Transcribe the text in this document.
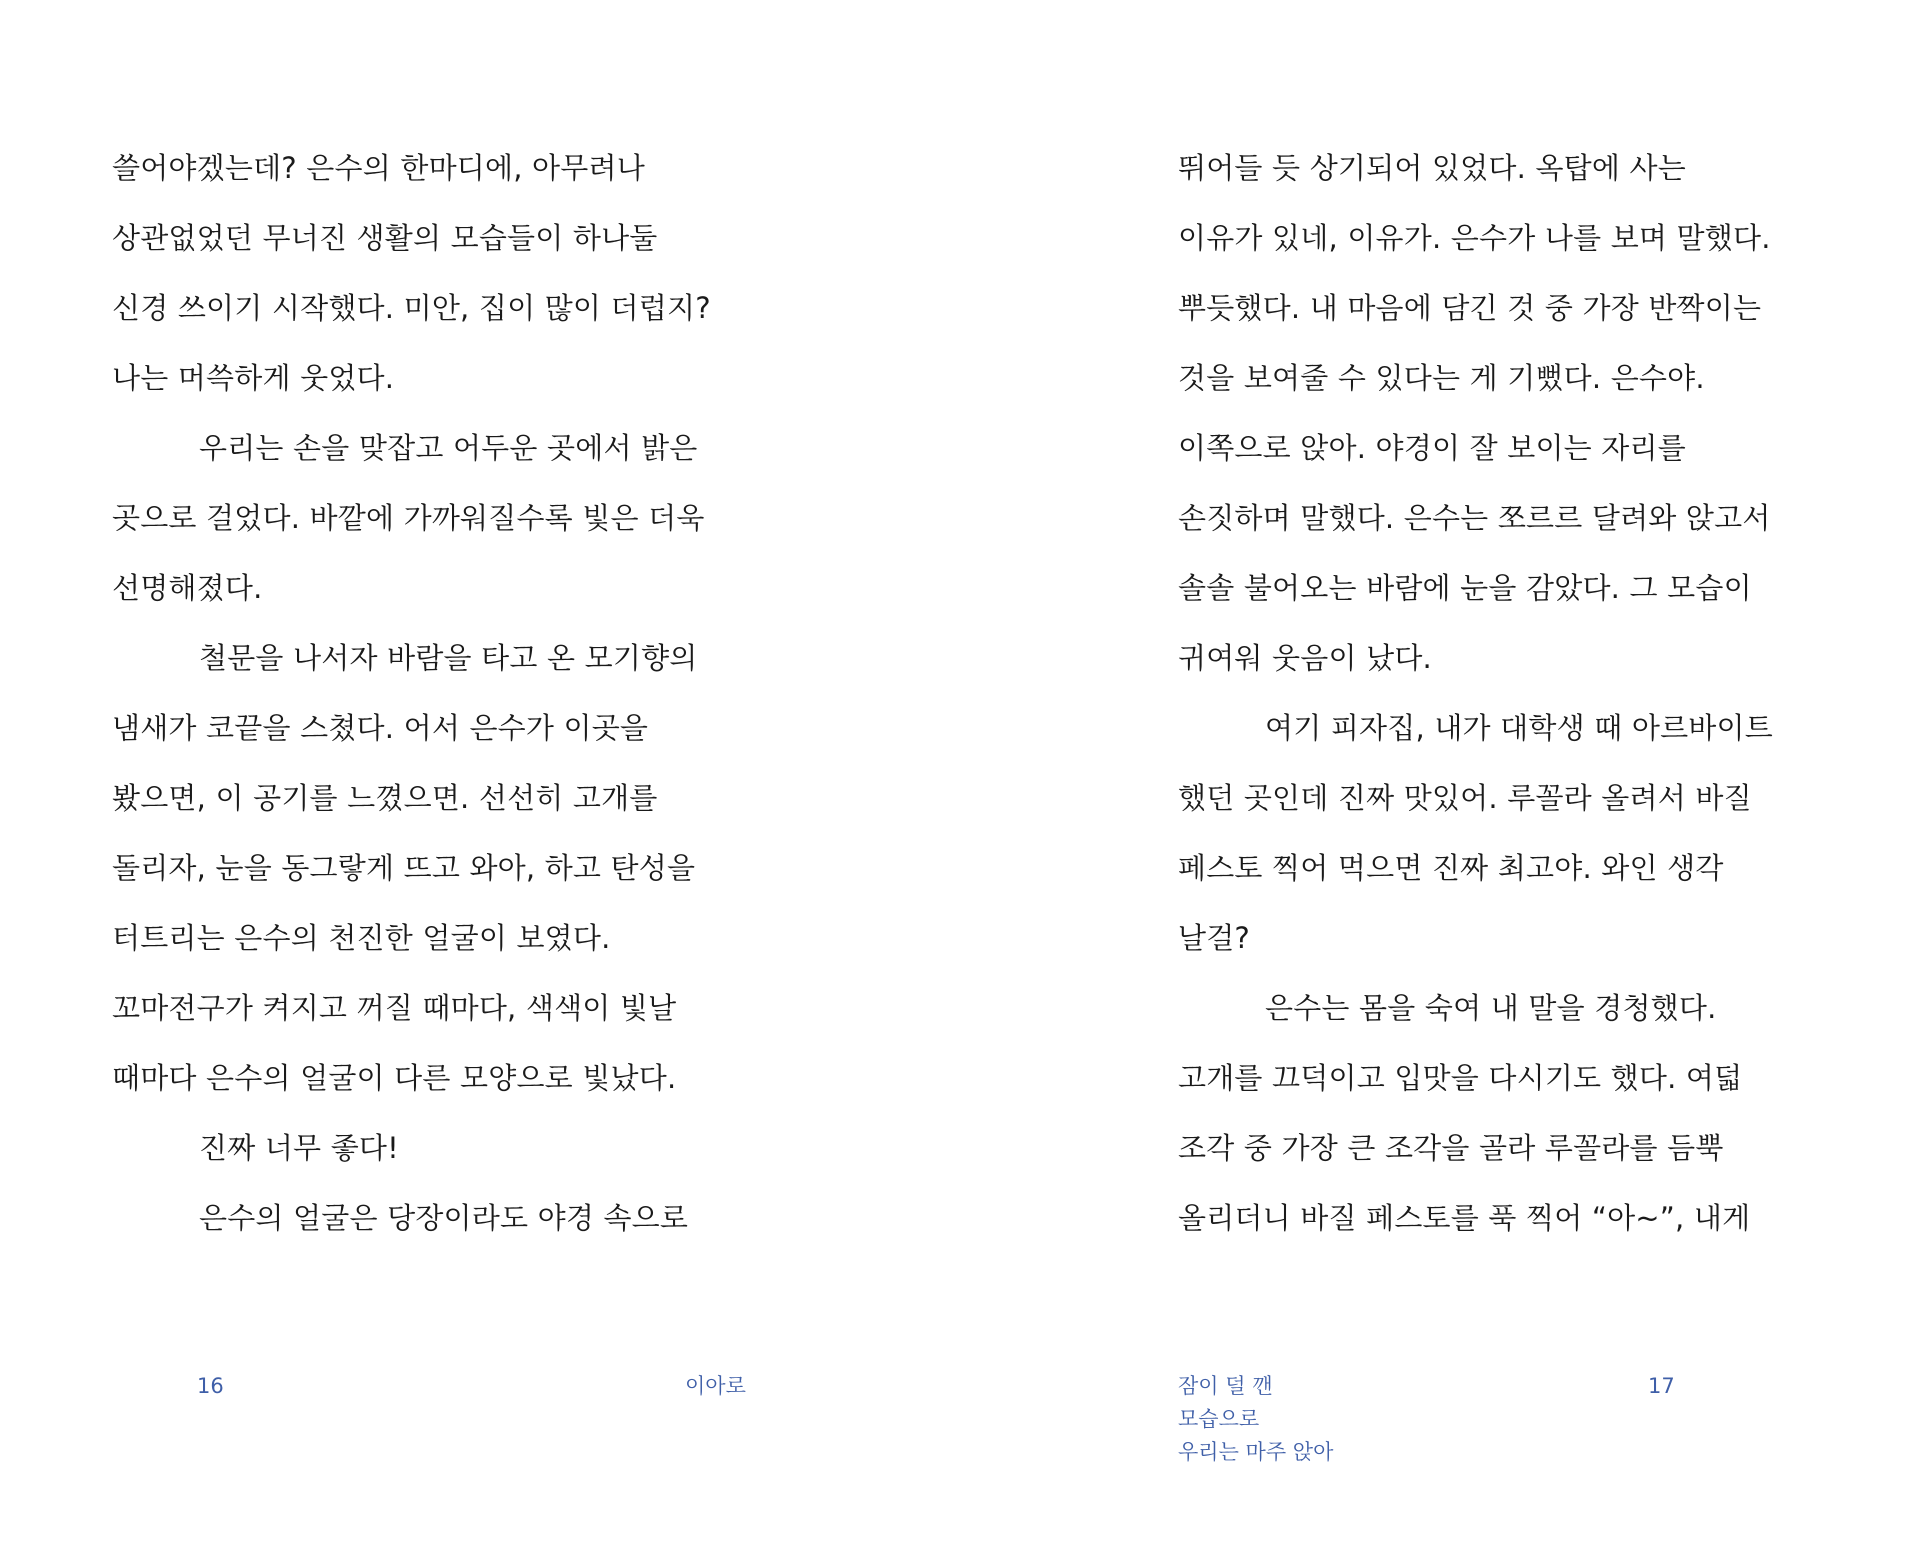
쓸어야겠는데? 은수의 한마디에, 아무려나
상관없었던 무너진 생활의 모습들이 하나둘
신경 쓰이기 시작했다. 미안, 집이 많이 더럽지?
나는 머쓱하게 웃었다.
우리는 손을 맞잡고 어두운 곳에서 밝은
곳으로 걸었다. 바깥에 가까워질수록 빛은 더욱
선명해졌다.
철문을 나서자 바람을 타고 온 모기향의
냄새가 코끝을 스쳤다. 어서 은수가 이곳을
봤으면, 이 공기를 느꼈으면. 선선히 고개를
돌리자, 눈을 동그랗게 뜨고 와아, 하고 탄성을
터트리는 은수의 천진한 얼굴이 보였다.
꼬마전구가 켜지고 꺼질 때마다, 색색이 빛날
때마다 은수의 얼굴이 다른 모양으로 빛났다.
진짜 너무 좋다!
은수의 얼굴은 당장이라도 야경 속으로
16	이아로
뛰어들 듯 상기되어 있었다. 옥탑에 사는
이유가 있네, 이유가. 은수가 나를 보며 말했다.
뿌듯했다. 내 마음에 담긴 것 중 가장 반짝이는
것을 보여줄 수 있다는 게 기뻤다. 은수야.
이쪽으로 앉아. 야경이 잘 보이는 자리를
손짓하며 말했다. 은수는 쪼르르 달려와 앉고서
솔솔 불어오는 바람에 눈을 감았다. 그 모습이
귀여워 웃음이 났다.
여기 피자집, 내가 대학생 때 아르바이트
했던 곳인데 진짜 맛있어. 루꼴라 올려서 바질
페스토 찍어 먹으면 진짜 최고야. 와인 생각
날걸?
은수는 몸을 숙여 내 말을 경청했다.
고개를 끄덕이고 입맛을 다시기도 했다. 여덟
조각 중 가장 큰 조각을 골라 루꼴라를 듬뿍
올리더니 바질 페스토를 푹 찍어 “아~”, 내게
잠이 덜 깬
모습으로
우리는 마주 앉아
17
